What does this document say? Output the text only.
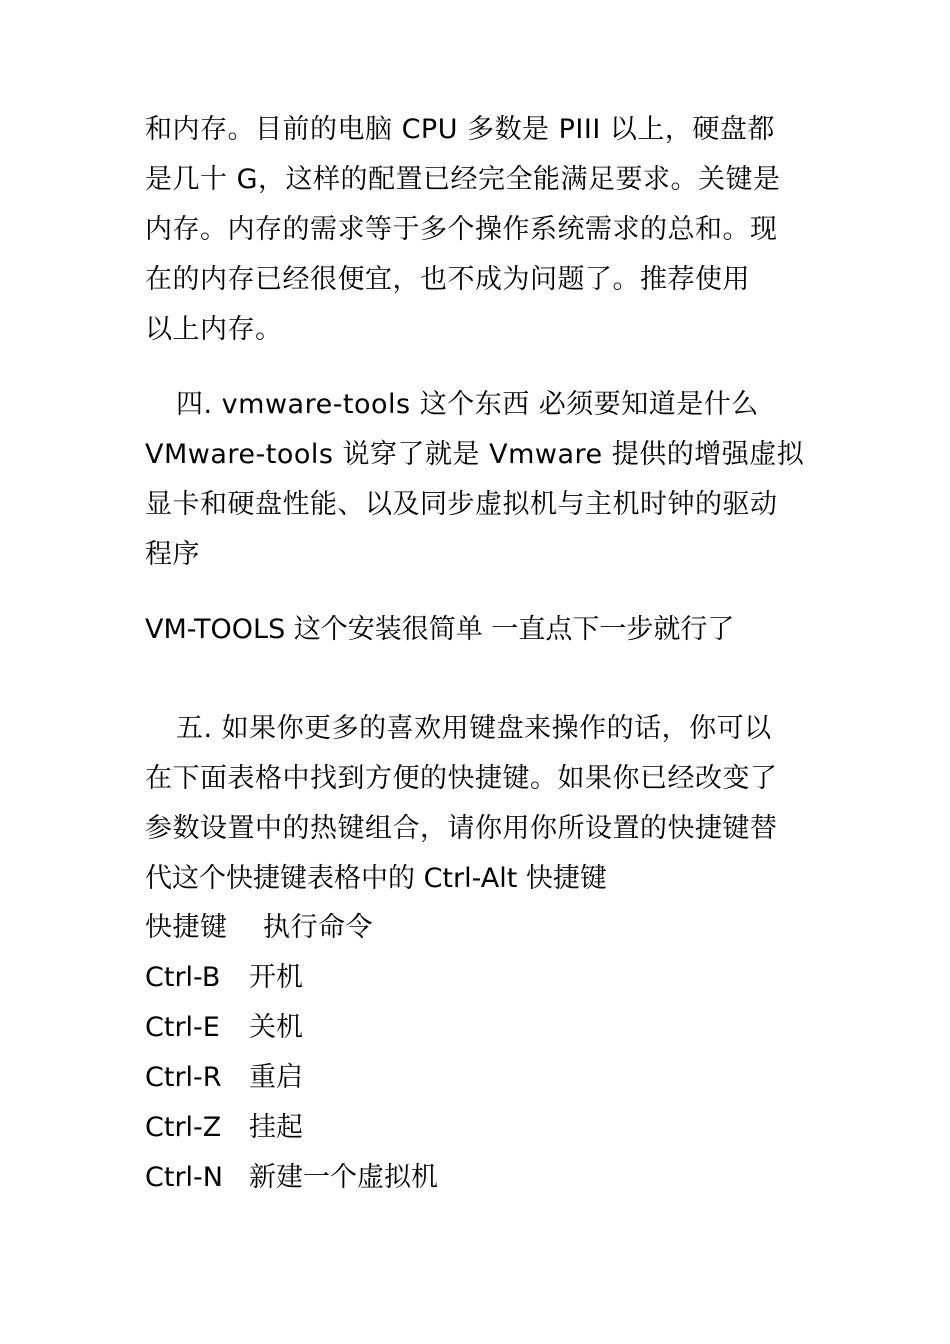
和内存。目前的电脑 CPU 多数是 PIII 以上，硬盘都
是几十 G，这样的配置已经完全能满足要求。关键是
内存。内存的需求等于多个操作系统需求的总和。现
在的内存已经很便宜，也不成为问题了。推荐使用
以上内存。
四. vmware-tools 这个东西 必须要知道是什么
VMware-tools 说穿了就是 Vmware 提供的增强虚拟
显卡和硬盘性能、以及同步虚拟机与主机时钟的驱动
程序
VM-TOOLS 这个安装很简单 一直点下一步就行了
五. 如果你更多的喜欢用键盘来操作的话，你可以
在下面表格中找到方便的快捷键。如果你已经改变了
参数设置中的热键组合，请你用你所设置的快捷键替
代这个快捷键表格中的 Ctrl-Alt 快捷键
快捷键 执行命令
Ctrl-B 开机
Ctrl-E 关机
Ctrl-R 重启
Ctrl-Z 挂起
Ctrl-N 新建一个虚拟机
